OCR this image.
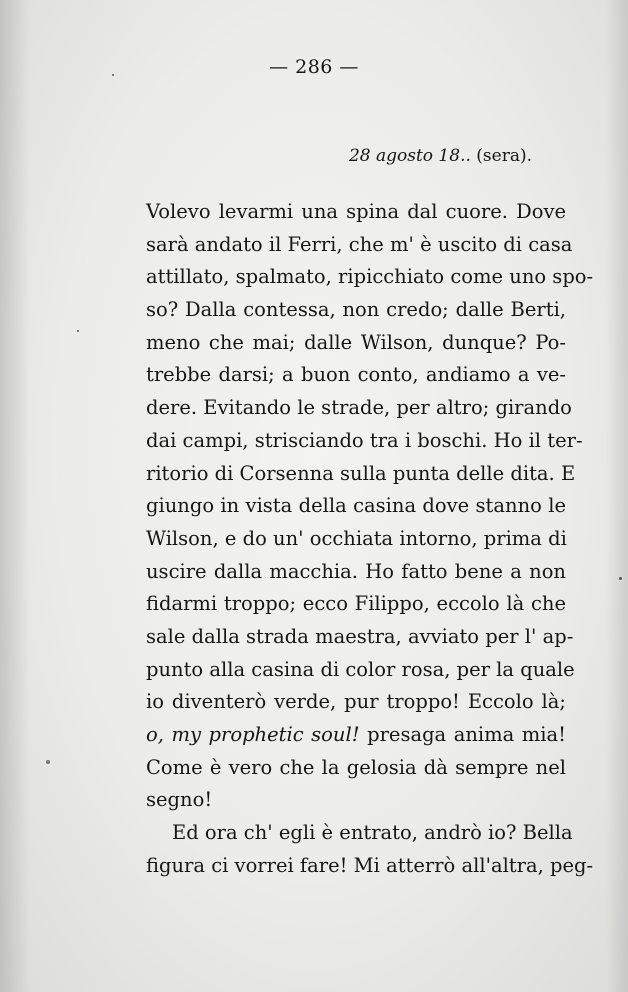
— 286 —
28 agosto 18.. (sera).
Volevo levarmi una spina dal cuore. Dove
sarà andato il Ferri, che m' è uscito di casa
attillato, spalmato, ripicchiato come uno spo-
so? Dalla contessa, non credo; dalle Berti,
meno che mai; dalle Wilson, dunque? Po-
trebbe darsi; a buon conto, andiamo a ve-
dere. Evitando le strade, per altro; girando
dai campi, strisciando tra i boschi. Ho il ter-
ritorio di Corsenna sulla punta delle dita. E
giungo in vista della casina dove stanno le
Wilson, e do un' occhiata intorno, prima di
uscire dalla macchia. Ho fatto bene a non
fidarmi troppo; ecco Filippo, eccolo là che
sale dalla strada maestra, avviato per l' ap-
punto alla casina di color rosa, per la quale
io diventerò verde, pur troppo! Eccolo là;
o, my prophetic soul! presaga anima mia!
Come è vero che la gelosia dà sempre nel
segno!
Ed ora ch' egli è entrato, andrò io? Bella
figura ci vorrei fare! Mi atterrò all'altra, peg-
